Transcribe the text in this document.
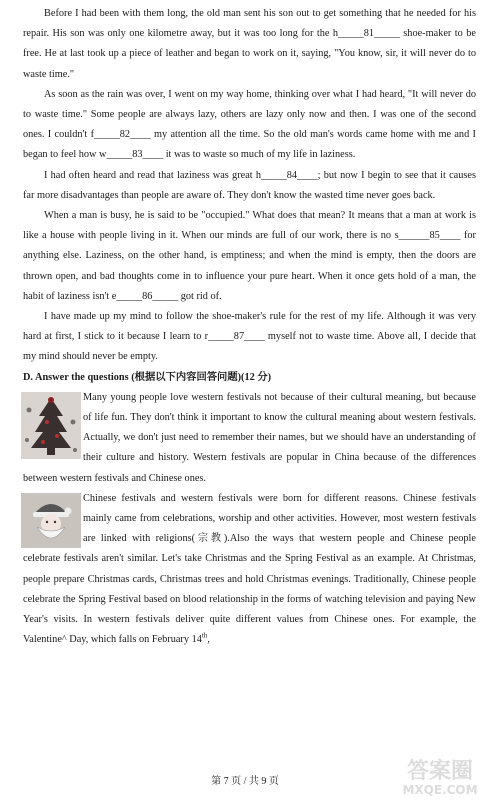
Before I had been with them long, the old man sent his son out to get something that he needed for his repair. His son was only one kilometre away, but it was too long for the h_____81_____ shoe-maker to be free. He at last took up a piece of leather and began to work on it, saying, "You know, sir, it will never do to waste time."

As soon as the rain was over, I went on my way home, thinking over what I had heard, "It will never do to waste time." Some people are always lazy, others are lazy only now and then. I was one of the second ones. I couldn't f_____82____ my attention all the time. So the old man's words came home with me and I began to feel how w_____83____ it was to waste so much of my life in laziness.

I had often heard and read that laziness was great h_____84____; but now I begin to see that it causes far more disadvantages than people are aware of. They don't know the wasted time never goes back.

When a man is busy, he is said to be "occupied." What does that mean? It means that a man at work is like a house with people living in it. When our minds are full of our work, there is no s______85____ for anything else. Laziness, on the other hand, is emptiness; and when the mind is empty, then the doors are thrown open, and bad thoughts come in to influence your pure heart. When it once gets hold of a man, the habit of laziness isn't e_____86_____ got rid of.

I have made up my mind to follow the shoe-maker's rule for the rest of my life. Although it was very hard at first, I stick to it because I learn to r_____87____ myself not to waste time. Above all, I decide that my mind should never be empty.

D. Answer the questions (根据以下内容回答问题)(12 分)

Many young people love western festivals not because of their cultural meaning, but because of life fun. They don't think it important to know the cultural meaning about western festivals. Actually, we don't just need to remember their names, but we should have an understanding of their culture and history. Western festivals are popular in China because of the differences between western festivals and Chinese ones.

Chinese festivals and western festivals were born for different reasons. Chinese festivals mainly came from celebrations, worship and other activities. However, most western festivals are linked with religions(宗教).Also the ways that western people and Chinese people celebrate festivals aren't similar. Let's take Christmas and the Spring Festival as an example. At Christmas, people prepare Christmas cards, Christmas trees and hold Christmas evenings. Traditionally, Chinese people celebrate the Spring Festival based on blood relationship in the forms of watching television and paying New Year's visits. In western festivals deliver quite different values from Chinese ones. For example, the Valentine^ Day, which falls on February 14th,

答案圈
MXQE.COM
第 7 页 / 共 9 页
